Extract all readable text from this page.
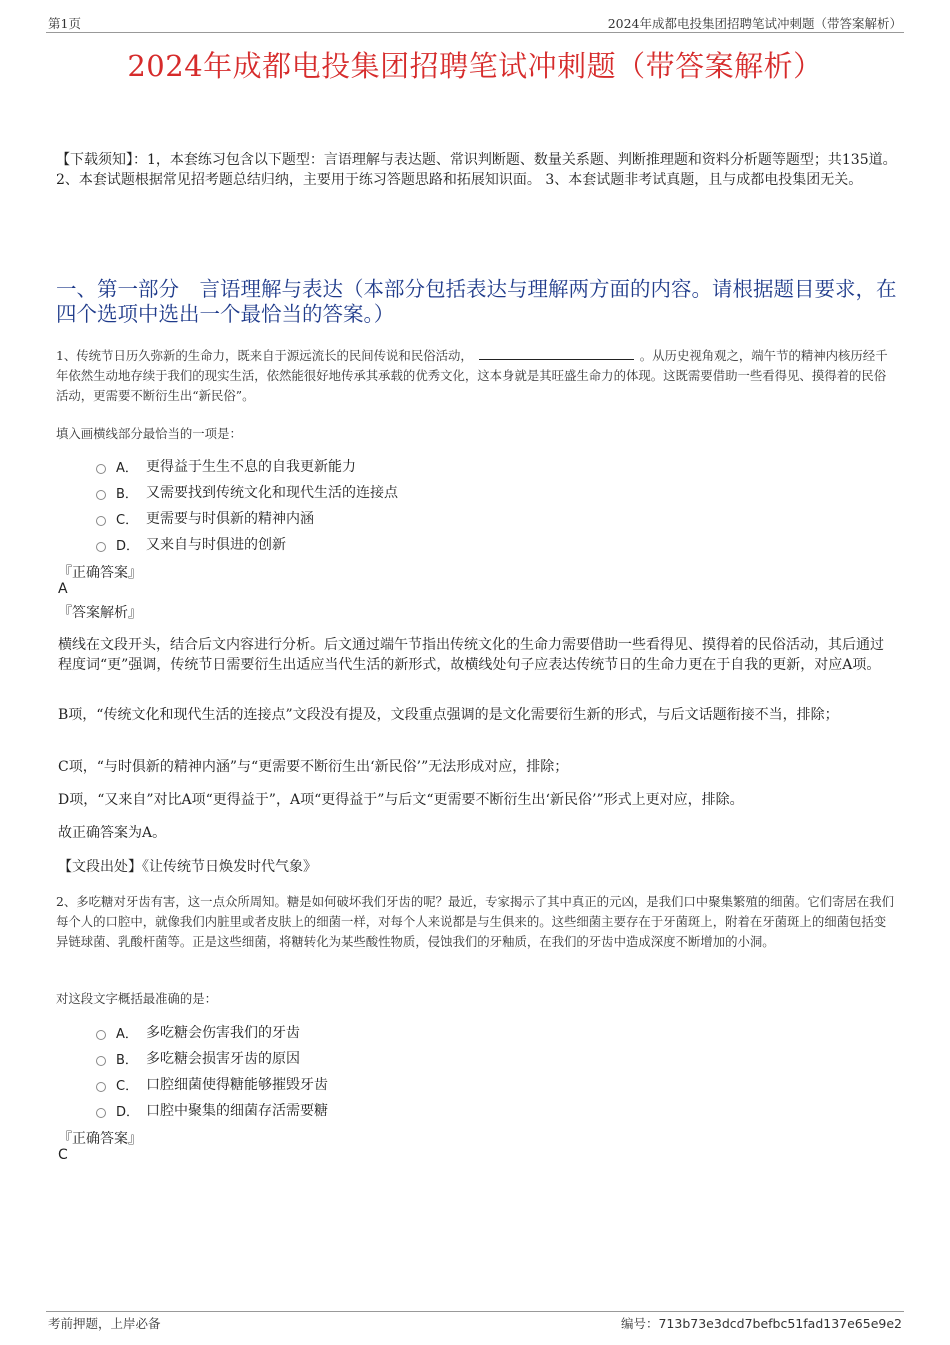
第1页	2024年成都电投集团招聘笔试冲刺题（带答案解析）
2024年成都电投集团招聘笔试冲刺题（带答案解析）
【下载须知】：1，本套练习包含以下题型：言语理解与表达题、常识判断题、数量关系题、判断推理题和资料分析题等题型；共135道。 2、本套试题根据常见招考题总结归纳，主要用于练习答题思路和拓展知识面。 3、本套试题非考试真题，且与成都电投集团无关。
一、第一部分　言语理解与表达（本部分包括表达与理解两方面的内容。请根据题目要求，在四个选项中选出一个最恰当的答案。）
1、传统节日历久弥新的生命力，既来自于源远流长的民间传说和民俗活动，	。从历史视角观之，端午节的精神内核历经千年依然生动地存续于我们的现实生活，依然能很好地传承其承载的优秀文化，这本身就是其旺盛生命力的体现。这既需要借助一些看得见、摸得着的民俗活动，更需要不断衍生出“新民俗”。
填入画横线部分最恰当的一项是：
A． 更得益于生生不息的自我更新能力
B． 又需要找到传统文化和现代生活的连接点
C． 更需要与时俱新的精神内涵
D． 又来自与时俱进的创新
『正确答案』
A
『答案解析』
横线在文段开头，结合后文内容进行分析。后文通过端午节指出传统文化的生命力需要借助一些看得见、摸得着的民俗活动，其后通过程度词“更”强调，传统节日需要衍生出适应当代生活的新形式，故横线处句子应表达传统节日的生命力更在于自我的更新，对应A项。
B项，“传统文化和现代生活的连接点”文段没有提及，文段重点强调的是文化需要衍生新的形式，与后文话题衔接不当，排除；
C项，“与时俱新的精神内涵”与“更需要不断衍生出‘新民俗’”无法形成对应，排除；
D项，“又来自”对比A项“更得益于”，A项“更得益于”与后文“更需要不断衍生出‘新民俗’”形式上更对应，排除。
故正确答案为A。
【文段出处】《让传统节日焕发时代气象》
2、多吃糖对牙齿有害，这一点众所周知。糖是如何破坏我们牙齿的呢？最近，专家揭示了其中真正的元凶，是我们口中聚集繁殖的细菌。它们寄居在我们每个人的口腔中，就像我们内脏里或者皮肤上的细菌一样，对每个人来说都是与生俱来的。这些细菌主要存在于牙菌斑上，附着在牙菌斑上的细菌包括变异链球菌、乳酸杆菌等。正是这些细菌，将糖转化为某些酸性物质，侵蚀我们的牙釉质，在我们的牙齿中造成深度不断增加的小洞。
对这段文字概括最准确的是：
A． 多吃糖会伤害我们的牙齿
B． 多吃糖会损害牙齿的原因
C． 口腔细菌使得糖能够摧毁牙齿
D． 口腔中聚集的细菌存活需要糖
『正确答案』
C
考前押题，上岸必备	编号：713b73e3dcd7befbc51fad137e65e9e2
